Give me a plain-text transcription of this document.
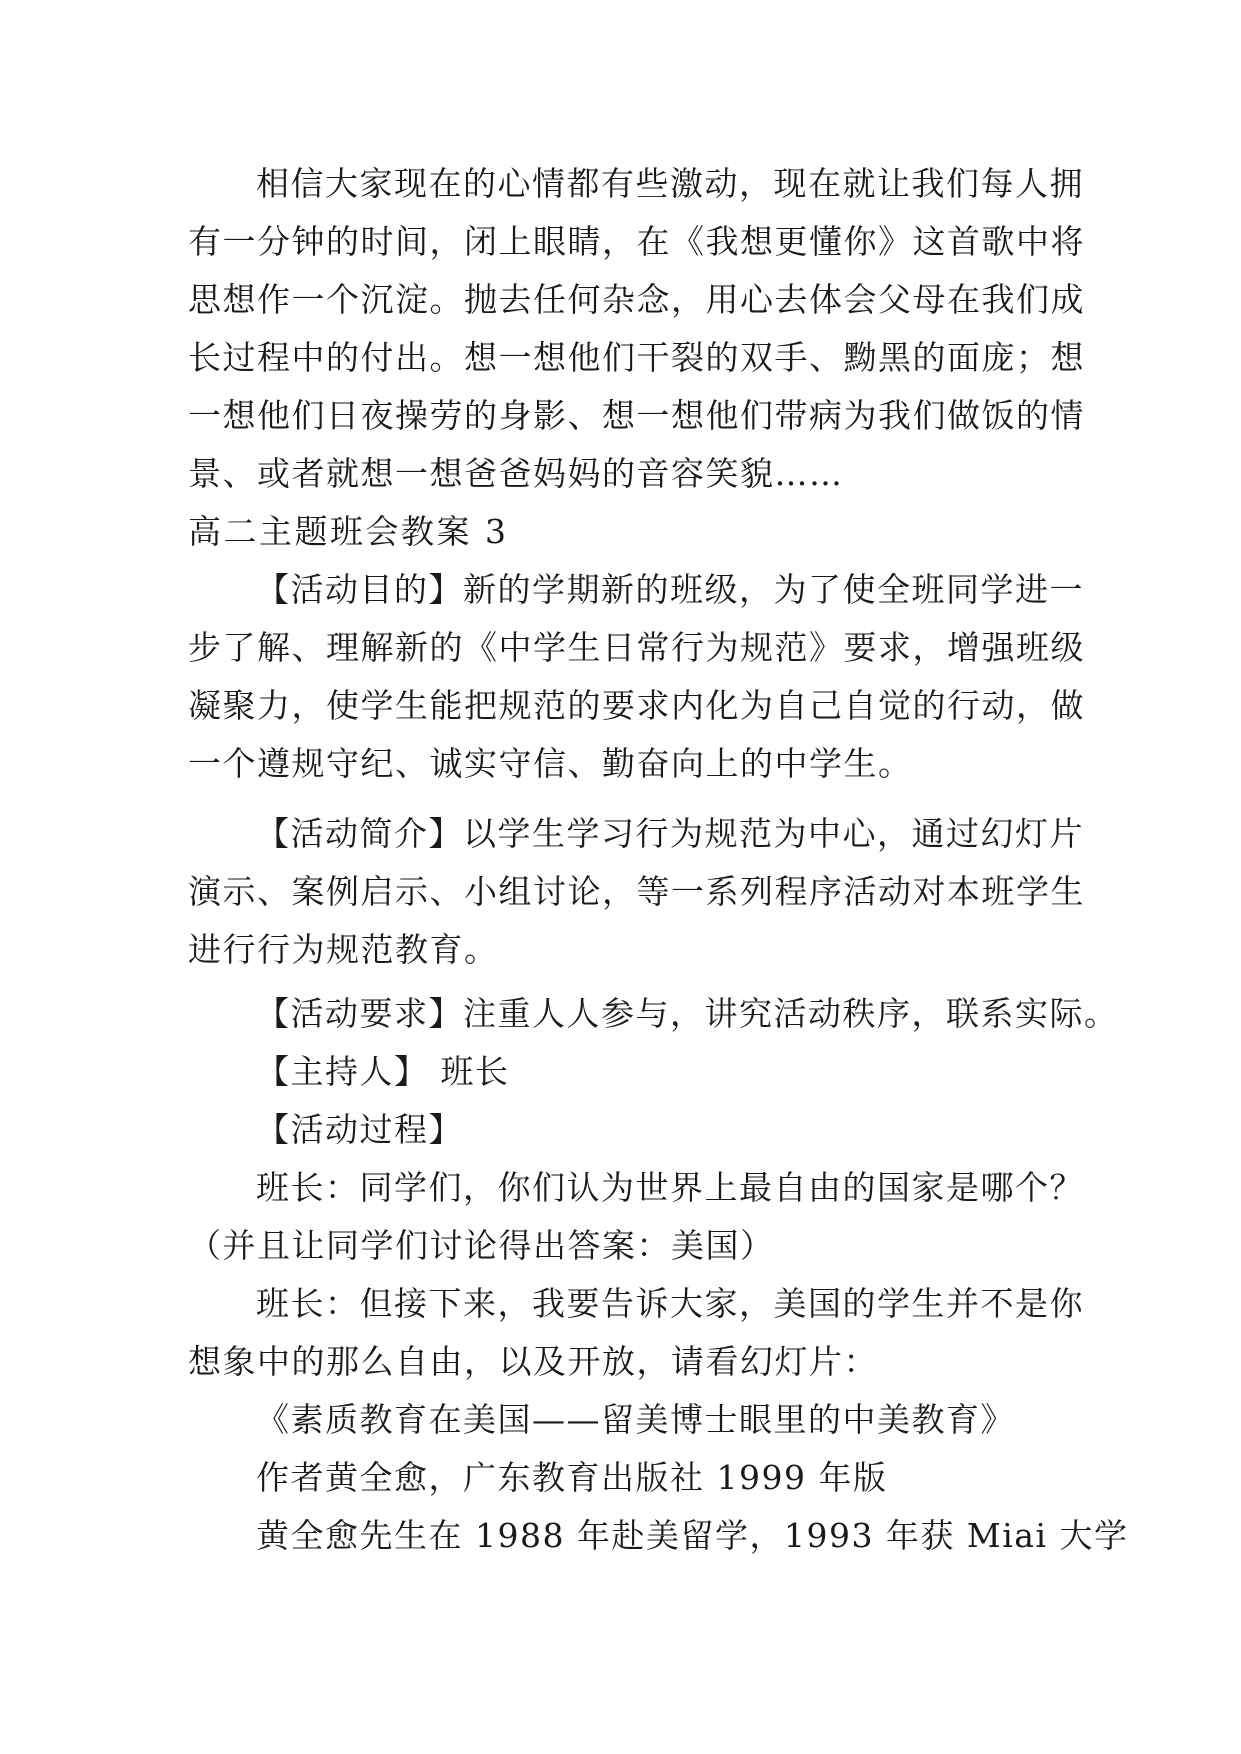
相信大家现在的心情都有些激动，现在就让我们每人拥
有一分钟的时间，闭上眼睛，在《我想更懂你》这首歌中将
思想作一个沉淀。抛去任何杂念，用心去体会父母在我们成
长过程中的付出。想一想他们干裂的双手、黝黑的面庞；想
一想他们日夜操劳的身影、想一想他们带病为我们做饭的情
景、或者就想一想爸爸妈妈的音容笑貌……
高二主题班会教案 3
【活动目的】新的学期新的班级，为了使全班同学进一
步了解、理解新的《中学生日常行为规范》要求，增强班级
凝聚力，使学生能把规范的要求内化为自己自觉的行动，做
一个遵规守纪、诚实守信、勤奋向上的中学生。
【活动简介】以学生学习行为规范为中心，通过幻灯片
演示、案例启示、小组讨论，等一系列程序活动对本班学生
进行行为规范教育。
【活动要求】注重人人参与，讲究活动秩序，联系实际。
【主持人】 班长
【活动过程】
班长：同学们，你们认为世界上最自由的国家是哪个？
（并且让同学们讨论得出答案：美国）
班长：但接下来，我要告诉大家，美国的学生并不是你
想象中的那么自由，以及开放，请看幻灯片：
《素质教育在美国——留美博士眼里的中美教育》
作者黄全愈，广东教育出版社 1999 年版
黄全愈先生在 1988 年赴美留学，1993 年获 Miai 大学
